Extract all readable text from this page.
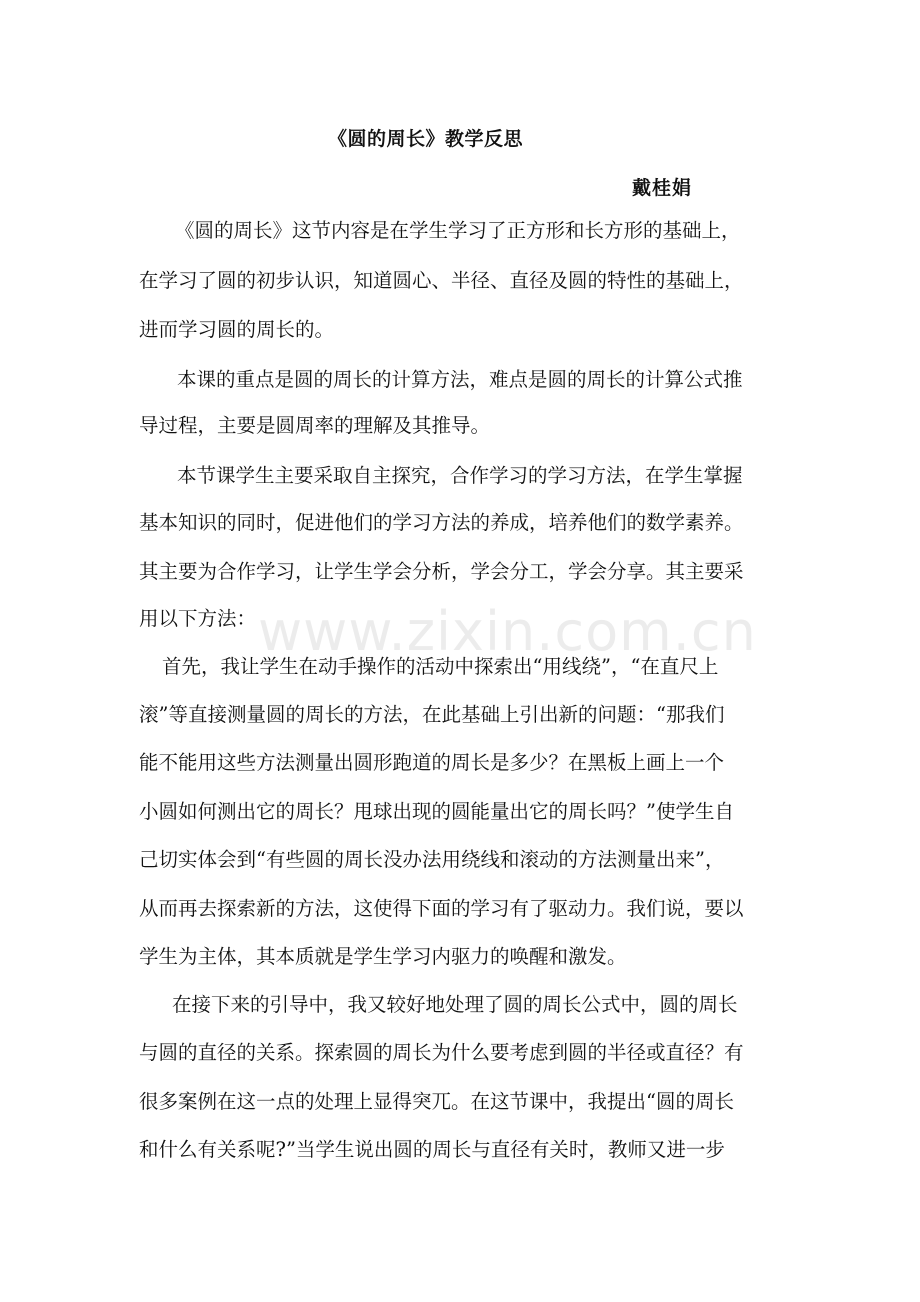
《圆的周长》教学反思
戴桂娟
《圆的周长》这节内容是在学生学习了正方形和长方形的基础上，
在学习了圆的初步认识，知道圆心、半径、直径及圆的特性的基础上，
进而学习圆的周长的。
本课的重点是圆的周长的计算方法，难点是圆的周长的计算公式推
导过程，主要是圆周率的理解及其推导。
本节课学生主要采取自主探究，合作学习的学习方法，在学生掌握
基本知识的同时，促进他们的学习方法的养成，培养他们的数学素养。
其主要为合作学习，让学生学会分析，学会分工，学会分享。其主要采
用以下方法：
首先，我让学生在动手操作的活动中探索出“用线绕”，“在直尺上
滚”等直接测量圆的周长的方法，在此基础上引出新的问题：“那我们
能不能用这些方法测量出圆形跑道的周长是多少？在黑板上画上一个
小圆如何测出它的周长？甩球出现的圆能量出它的周长吗？”使学生自
己切实体会到“有些圆的周长没办法用绕线和滚动的方法测量出来”，
从而再去探索新的方法，这使得下面的学习有了驱动力。我们说，要以
学生为主体，其本质就是学生学习内驱力的唤醒和激发。
在接下来的引导中，我又较好地处理了圆的周长公式中，圆的周长
与圆的直径的关系。探索圆的周长为什么要考虑到圆的半径或直径？有
很多案例在这一点的处理上显得突兀。在这节课中，我提出“圆的周长
和什么有关系呢?”当学生说出圆的周长与直径有关时，教师又进一步
www.zixin.com.cn
